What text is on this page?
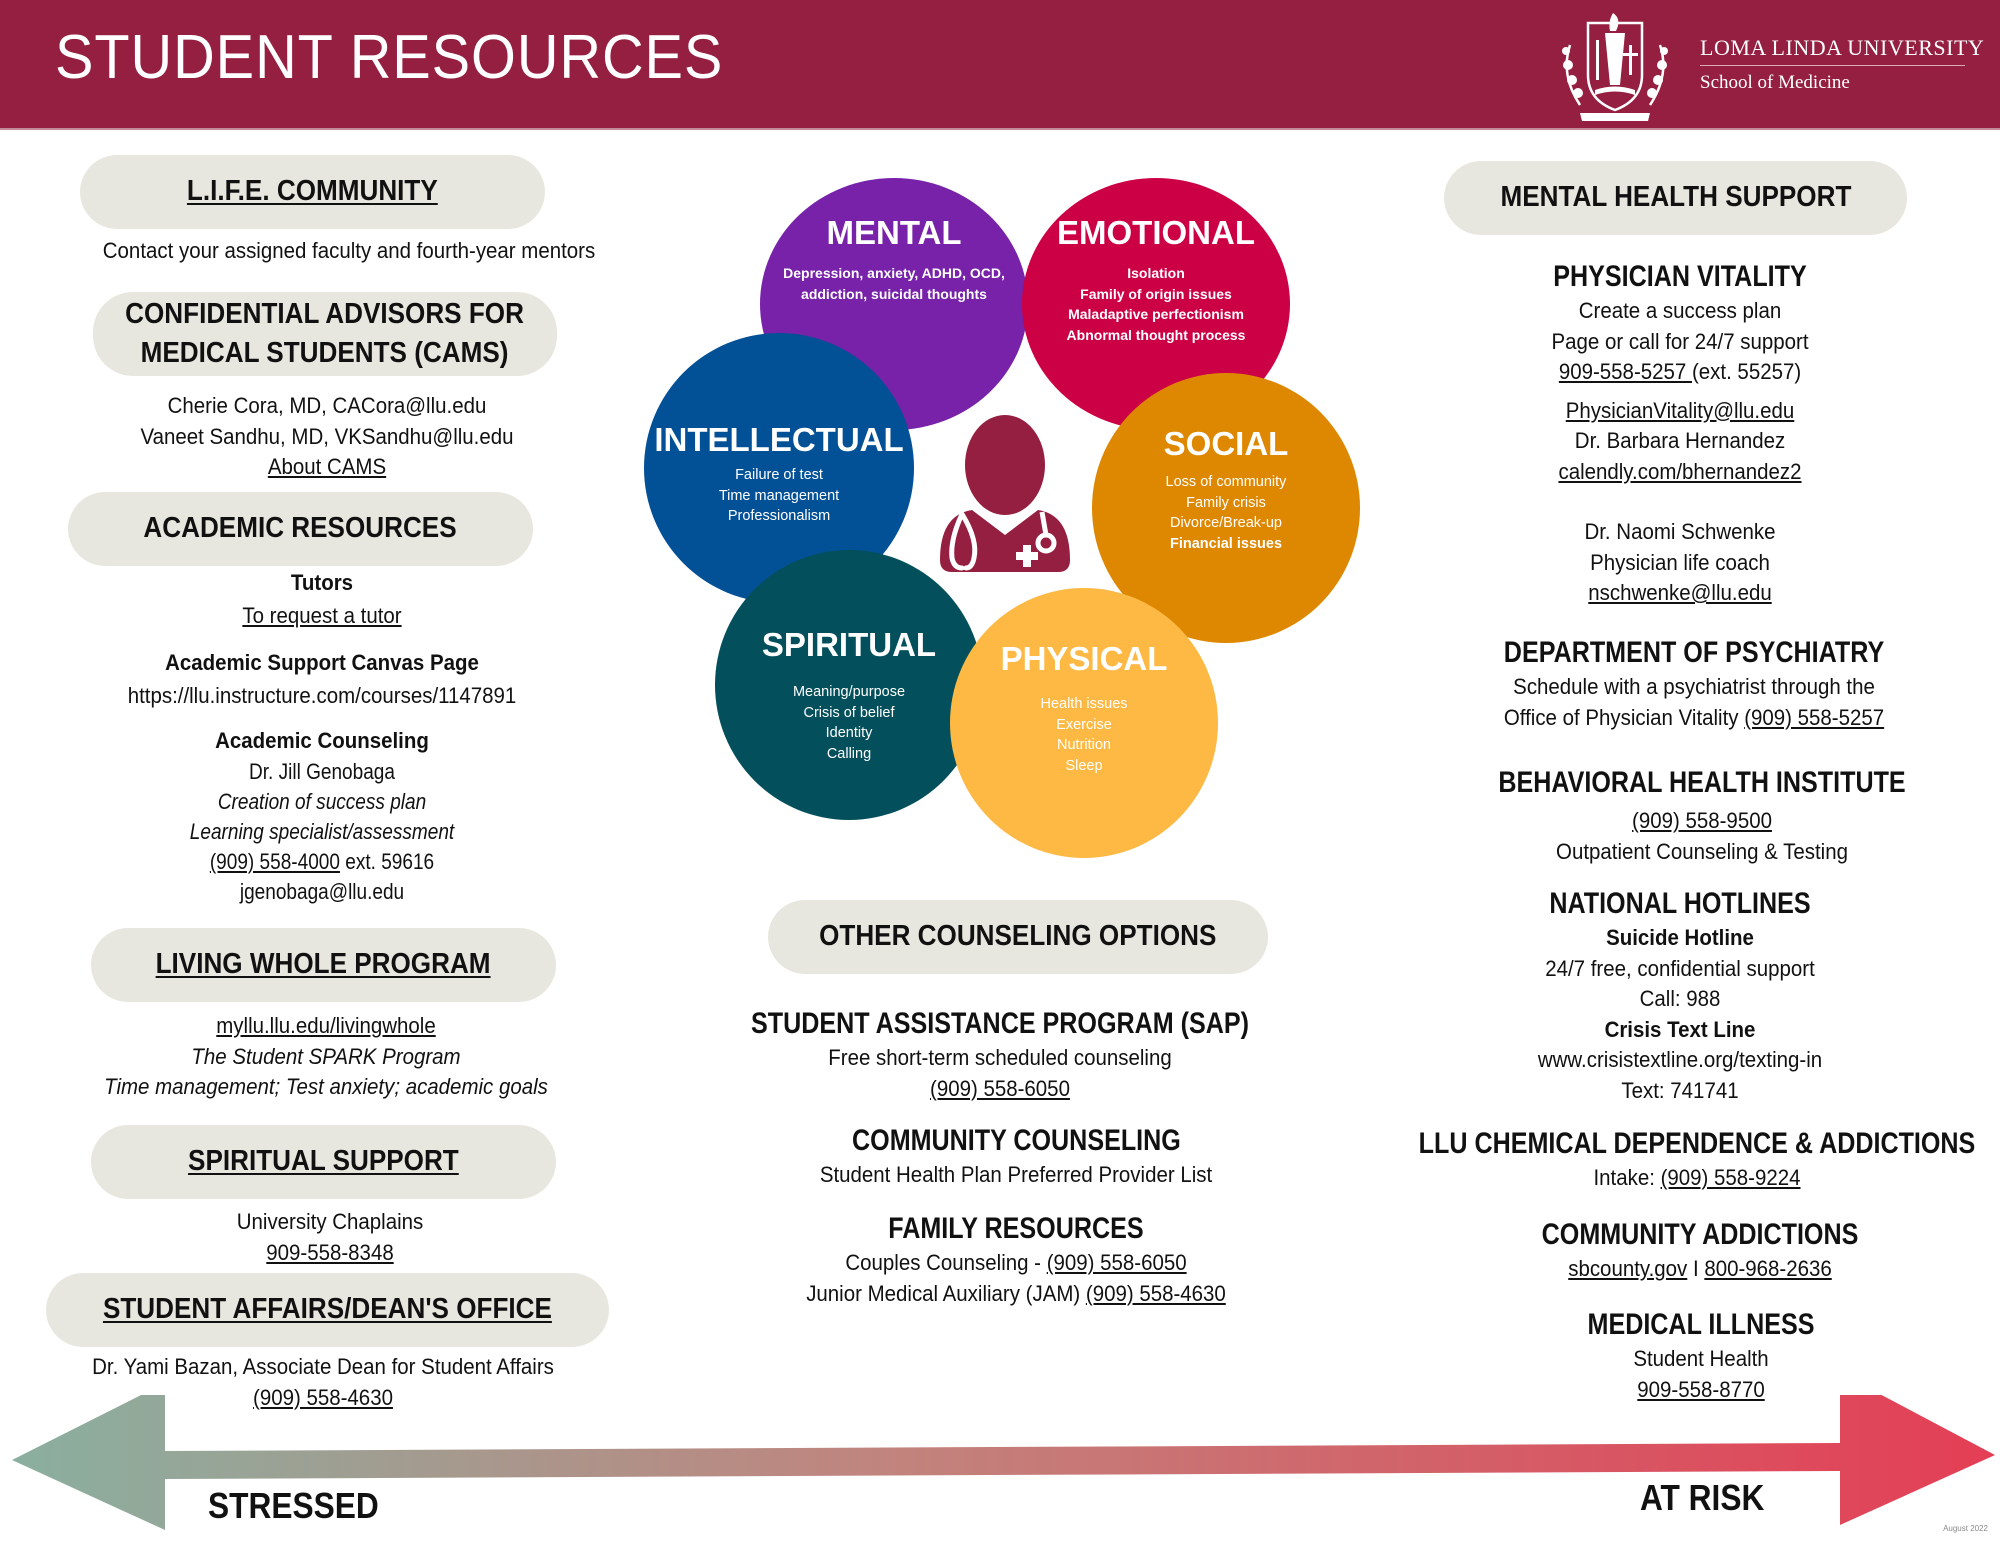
STUDENT RESOURCES	LOMA LINDA UNIVERSITY
School of Medicine
L.I.F.E. COMMUNITY
Contact your assigned faculty and fourth-year mentors
CONFIDENTIAL ADVISORS FOR
MEDICAL STUDENTS (CAMS)
Cherie Cora, MD, CACora@llu.edu
Vaneet Sandhu, MD, VKSandhu@llu.edu
About CAMS
ACADEMIC RESOURCES
Tutors
To request a tutor
Academic Support Canvas Page
https://llu.instructure.com/courses/1147891
Academic Counseling
Dr. Jill Genobaga
Creation of success plan
Learning specialist/assessment
(909) 558-4000 ext. 59616
jgenobaga@llu.edu
LIVING WHOLE PROGRAM
myllu.llu.edu/livingwhole
The Student SPARK Program
Time management; Test anxiety; academic goals
SPIRITUAL SUPPORT
University Chaplains
909-558-8348
STUDENT AFFAIRS/DEAN'S OFFICE
Dr. Yami Bazan, Associate Dean for Student Affairs
(909) 558-4630
MENTAL
Depression, anxiety, ADHD, OCD,
addiction, suicidal thoughts
EMOTIONAL
Isolation
Family of origin issues
Maladaptive perfectionism
Abnormal thought process
INTELLECTUAL
Failure of test
Time management
Professionalism
SOCIAL
Loss of community
Family crisis
Divorce/Break-up
Financial issues
SPIRITUAL
Meaning/purpose
Crisis of belief
Identity
Calling
PHYSICAL
Health issues
Exercise
Nutrition
Sleep
OTHER COUNSELING OPTIONS
STUDENT ASSISTANCE PROGRAM (SAP)
Free short-term scheduled counseling
(909) 558-6050
COMMUNITY COUNSELING
Student Health Plan Preferred Provider List
FAMILY RESOURCES
Couples Counseling - (909) 558-6050
Junior Medical Auxiliary (JAM) (909) 558-4630
MENTAL HEALTH SUPPORT
PHYSICIAN VITALITY
Create a success plan
Page or call for 24/7 support
909-558-5257 (ext. 55257)
PhysicianVitality@llu.edu
Dr. Barbara Hernandez
calendly.com/bhernandez2
Dr. Naomi Schwenke
Physician life coach
nschwenke@llu.edu
DEPARTMENT OF PSYCHIATRY
Schedule with a psychiatrist through the
Office of Physician Vitality (909) 558-5257
BEHAVIORAL HEALTH INSTITUTE
(909) 558-9500
Outpatient Counseling & Testing
NATIONAL HOTLINES
Suicide Hotline
24/7 free, confidential support
Call: 988
Crisis Text Line
www.crisistextline.org/texting-in
Text: 741741
LLU CHEMICAL DEPENDENCE & ADDICTIONS
Intake: (909) 558-9224
COMMUNITY ADDICTIONS
sbcounty.gov I 800-968-2636
MEDICAL ILLNESS
Student Health
909-558-8770
STRESSED	AT RISK
August 2022
